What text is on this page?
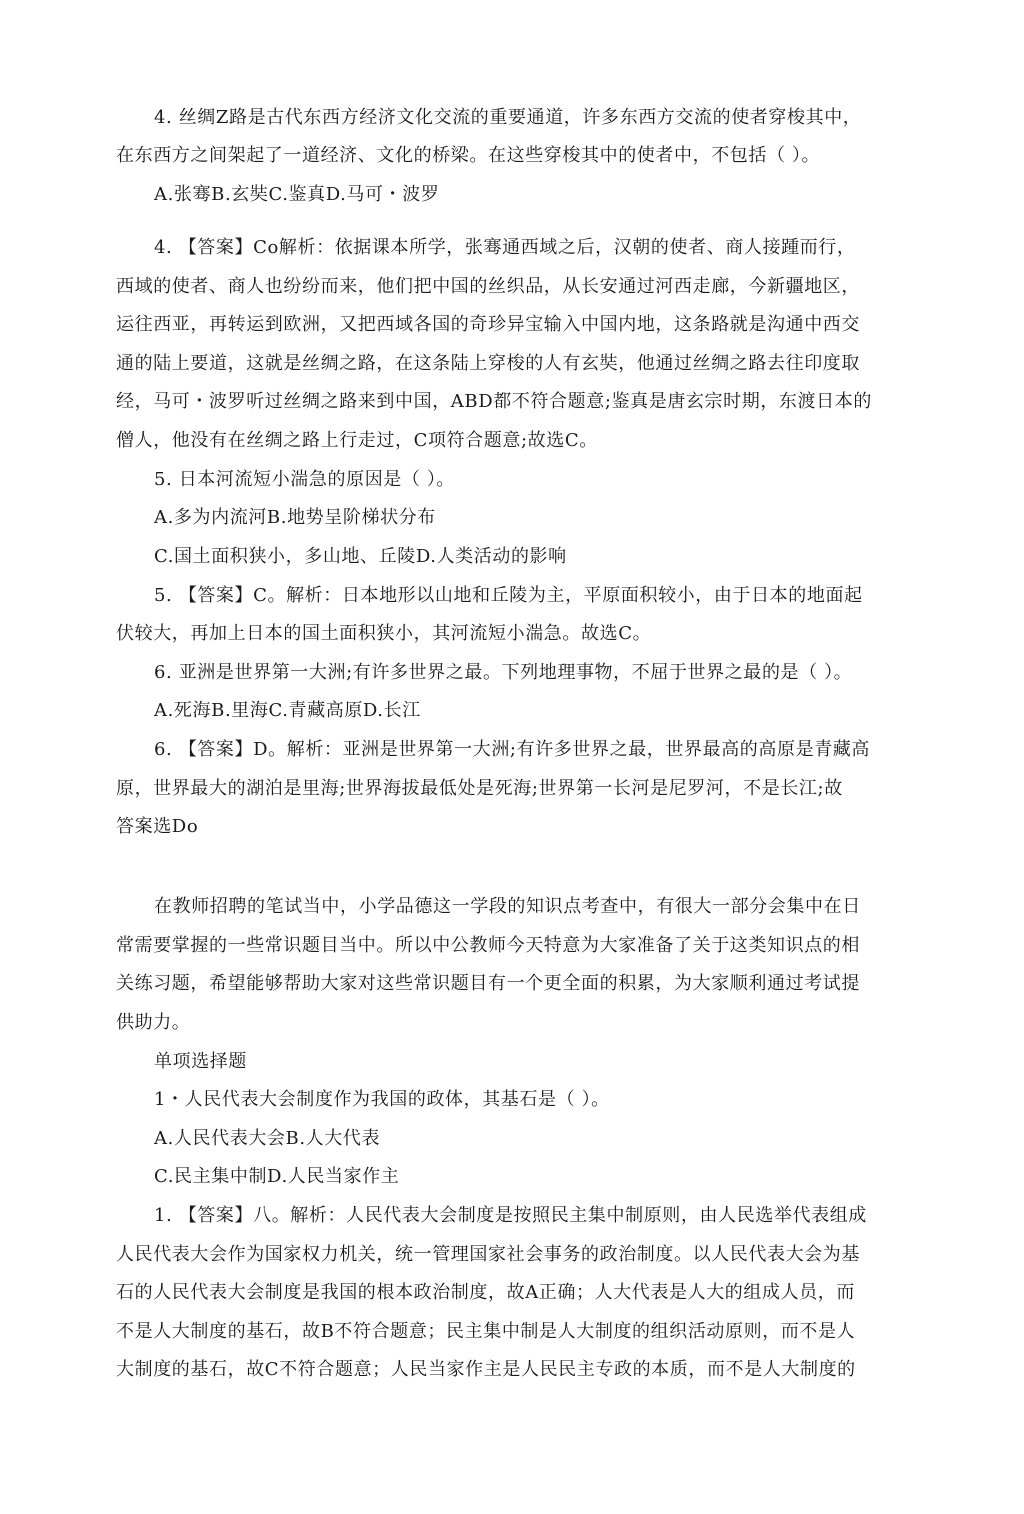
4. 丝绸Z路是古代东西方经济文化交流的重要通道，许多东西方交流的使者穿梭其中，
在东西方之间架起了一道经济、文化的桥梁。在这些穿梭其中的使者中，不包括（ ）。
A.张骞B.玄奘C.鉴真D.马可・波罗
4. 【答案】Co解析：依据课本所学，张骞通西域之后，汉朝的使者、商人接踵而行，
西域的使者、商人也纷纷而来，他们把中国的丝织品，从长安通过河西走廊，今新疆地区，
运往西亚，再转运到欧洲，又把西域各国的奇珍异宝输入中国内地，这条路就是沟通中西交
通的陆上要道，这就是丝绸之路，在这条陆上穿梭的人有玄奘，他通过丝绸之路去往印度取
经，马可・波罗听过丝绸之路来到中国，ABD都不符合题意;鉴真是唐玄宗时期，东渡日本的
僧人，他没有在丝绸之路上行走过，C项符合题意;故选C。
5. 日本河流短小湍急的原因是（ ）。
A.多为内流河B.地势呈阶梯状分布
C.国土面积狭小，多山地、丘陵D.人类活动的影响
5. 【答案】C。解析：日本地形以山地和丘陵为主，平原面积较小，由于日本的地面起
伏较大，再加上日本的国土面积狭小，其河流短小湍急。故选C。
6. 亚洲是世界第一大洲;有许多世界之最。下列地理事物，不屈于世界之最的是（ ）。
A.死海B.里海C.青藏高原D.长江
6. 【答案】D。解析：亚洲是世界第一大洲;有许多世界之最，世界最高的高原是青藏高
原，世界最大的湖泊是里海;世界海拔最低处是死海;世界第一长河是尼罗河，不是长江;故
答案选Do
在教师招聘的笔试当中，小学品德这一学段的知识点考查中，有很大一部分会集中在日
常需要掌握的一些常识题目当中。所以中公教师今天特意为大家准备了关于这类知识点的相
关练习题，希望能够帮助大家对这些常识题目有一个更全面的积累，为大家顺利通过考试提
供助力。
单项选择题
1・人民代表大会制度作为我国的政体，其基石是（ ）。
A.人民代表大会B.人大代表
C.民主集中制D.人民当家作主
1. 【答案】八。解析：人民代表大会制度是按照民主集中制原则，由人民选举代表组成
人民代表大会作为国家权力机关，统一管理国家社会事务的政治制度。以人民代表大会为基
石的人民代表大会制度是我国的根本政治制度，故A正确；人大代表是人大的组成人员，而
不是人大制度的基石，故B不符合题意；民主集中制是人大制度的组织活动原则，而不是人
大制度的基石，故C不符合题意；人民当家作主是人民民主专政的本质，而不是人大制度的
